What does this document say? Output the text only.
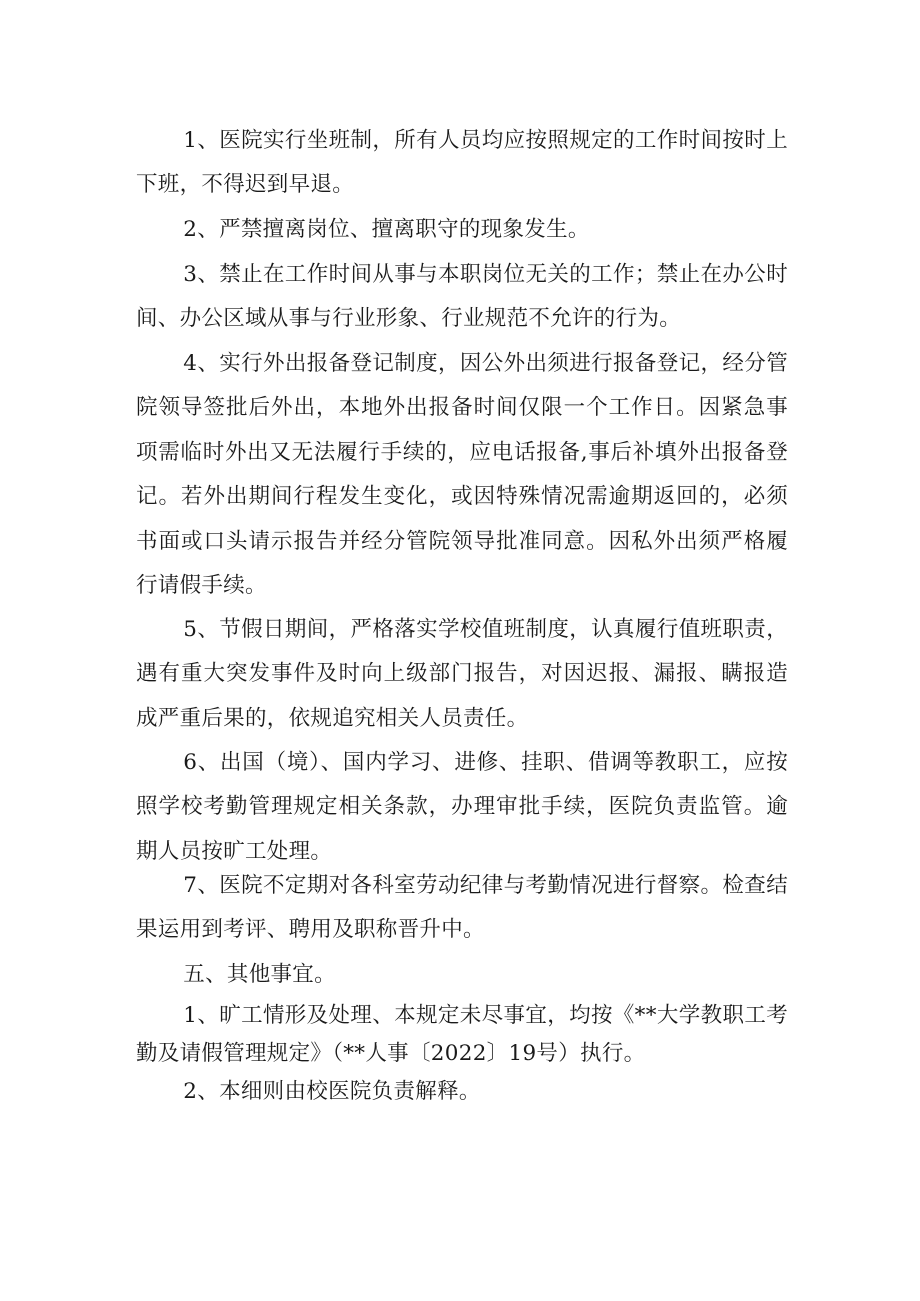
1、医院实行坐班制，所有人员均应按照规定的工作时间按时上下班，不得迟到早退。

2、严禁擅离岗位、擅离职守的现象发生。

3、禁止在工作时间从事与本职岗位无关的工作；禁止在办公时间、办公区域从事与行业形象、行业规范不允许的行为。

4、实行外出报备登记制度，因公外出须进行报备登记，经分管院领导签批后外出，本地外出报备时间仅限一个工作日。因紧急事项需临时外出又无法履行手续的，应电话报备,事后补填外出报备登记。若外出期间行程发生变化，或因特殊情况需逾期返回的，必须书面或口头请示报告并经分管院领导批准同意。因私外出须严格履行请假手续。

5、节假日期间，严格落实学校值班制度，认真履行值班职责，遇有重大突发事件及时向上级部门报告，对因迟报、漏报、瞒报造成严重后果的，依规追究相关人员责任。

6、出国（境）、国内学习、进修、挂职、借调等教职工，应按照学校考勤管理规定相关条款，办理审批手续，医院负责监管。逾期人员按旷工处理。

7、医院不定期对各科室劳动纪律与考勤情况进行督察。检查结果运用到考评、聘用及职称晋升中。

五、其他事宜。

1、旷工情形及处理、本规定未尽事宜，均按《**大学教职工考勤及请假管理规定》（**人事〔2022〕19号）执行。

2、本细则由校医院负责解释。
